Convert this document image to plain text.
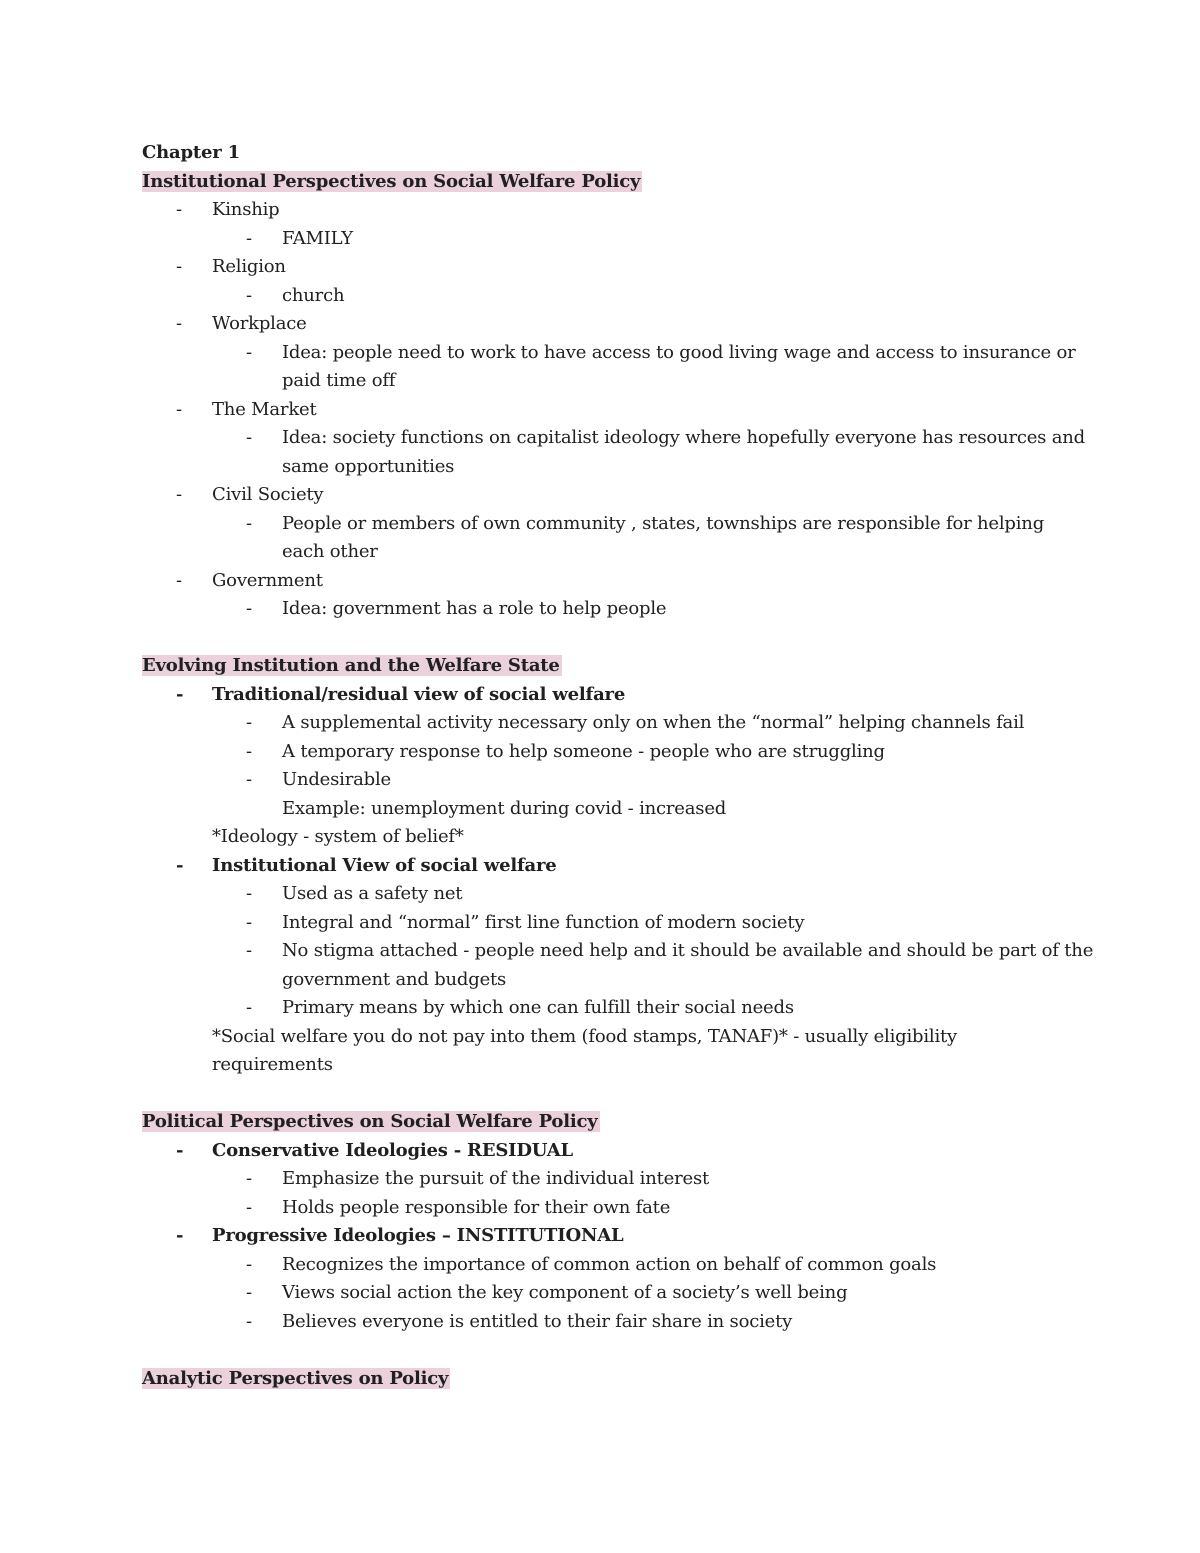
Chapter 1
Institutional Perspectives on Social Welfare Policy
- Kinship
- FAMILY
- Religion
- church
- Workplace
- Idea: people need to work to have access to good living wage and access to insurance or
paid time off
- The Market
- Idea: society functions on capitalist ideology where hopefully everyone has resources and
same opportunities
- Civil Society
- People or members of own community , states, townships are responsible for helping
each other
- Government
- Idea: government has a role to help people
Evolving Institution and the Welfare State
- Traditional/residual view of social welfare
- A supplemental activity necessary only on when the “normal” helping channels fail
- A temporary response to help someone - people who are struggling
- Undesirable
Example: unemployment during covid - increased
*Ideology - system of belief*
- Institutional View of social welfare
- Used as a safety net
- Integral and “normal” first line function of modern society
- No stigma attached - people need help and it should be available and should be part of the
government and budgets
- Primary means by which one can fulfill their social needs
*Social welfare you do not pay into them (food stamps, TANAF)* - usually eligibility
requirements
Political Perspectives on Social Welfare Policy
- Conservative Ideologies - RESIDUAL
- Emphasize the pursuit of the individual interest
- Holds people responsible for their own fate
- Progressive Ideologies – INSTITUTIONAL
- Recognizes the importance of common action on behalf of common goals
- Views social action the key component of a society’s well being
- Believes everyone is entitled to their fair share in society
Analytic Perspectives on Policy
